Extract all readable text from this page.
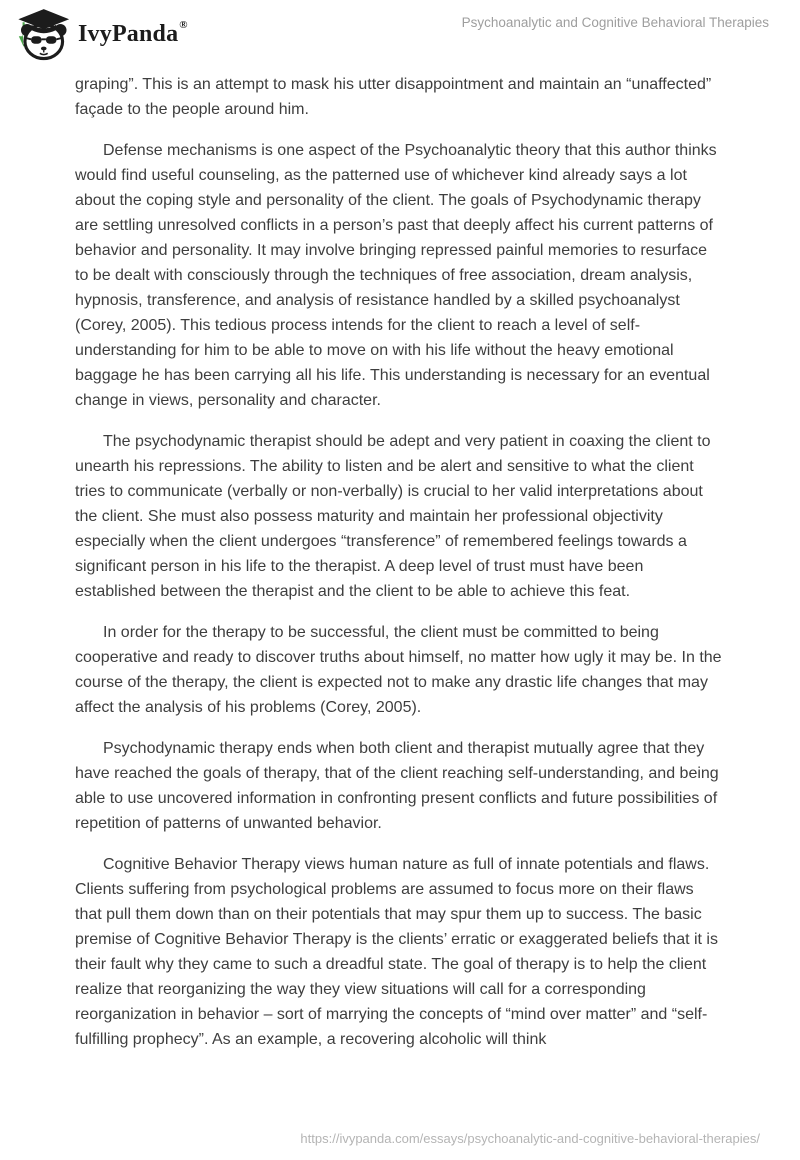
IvyPanda®	Psychoanalytic and Cognitive Behavioral Therapies

graping”. This is an attempt to mask his utter disappointment and maintain an “unaffected” façade to the people around him.

Defense mechanisms is one aspect of the Psychoanalytic theory that this author thinks would find useful counseling, as the patterned use of whichever kind already says a lot about the coping style and personality of the client. The goals of Psychodynamic therapy are settling unresolved conflicts in a person’s past that deeply affect his current patterns of behavior and personality. It may involve bringing repressed painful memories to resurface to be dealt with consciously through the techniques of free association, dream analysis, hypnosis, transference, and analysis of resistance handled by a skilled psychoanalyst (Corey, 2005). This tedious process intends for the client to reach a level of self-understanding for him to be able to move on with his life without the heavy emotional baggage he has been carrying all his life. This understanding is necessary for an eventual change in views, personality and character.

The psychodynamic therapist should be adept and very patient in coaxing the client to unearth his repressions. The ability to listen and be alert and sensitive to what the client tries to communicate (verbally or non-verbally) is crucial to her valid interpretations about the client. She must also possess maturity and maintain her professional objectivity especially when the client undergoes “transference” of remembered feelings towards a significant person in his life to the therapist. A deep level of trust must have been established between the therapist and the client to be able to achieve this feat.

In order for the therapy to be successful, the client must be committed to being cooperative and ready to discover truths about himself, no matter how ugly it may be. In the course of the therapy, the client is expected not to make any drastic life changes that may affect the analysis of his problems (Corey, 2005).

Psychodynamic therapy ends when both client and therapist mutually agree that they have reached the goals of therapy, that of the client reaching self-understanding, and being able to use uncovered information in confronting present conflicts and future possibilities of repetition of patterns of unwanted behavior.

Cognitive Behavior Therapy views human nature as full of innate potentials and flaws. Clients suffering from psychological problems are assumed to focus more on their flaws that pull them down than on their potentials that may spur them up to success. The basic premise of Cognitive Behavior Therapy is the clients’ erratic or exaggerated beliefs that it is their fault why they came to such a dreadful state. The goal of therapy is to help the client realize that reorganizing the way they view situations will call for a corresponding reorganization in behavior – sort of marrying the concepts of “mind over matter” and “self-fulfilling prophecy”. As an example, a recovering alcoholic will think

https://ivypanda.com/essays/psychoanalytic-and-cognitive-behavioral-therapies/
